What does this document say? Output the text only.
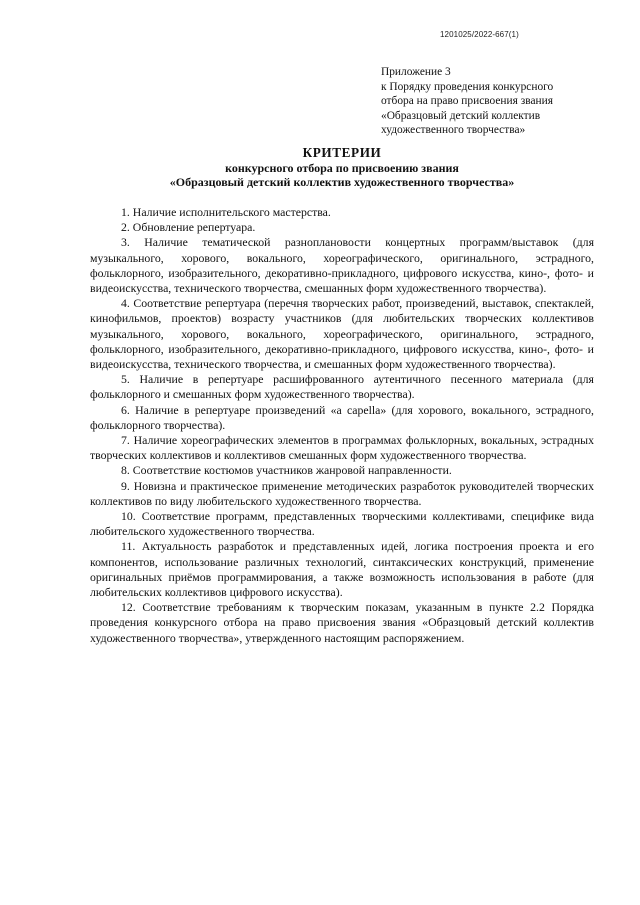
1201025/2022-667(1)
Приложение 3
к Порядку проведения конкурсного
отбора на право присвоения звания
«Образцовый детский коллектив
художественного творчества»
КРИТЕРИИ
конкурсного отбора по присвоению звания
«Образцовый детский коллектив художественного творчества»

1. Наличие исполнительского мастерства.

2. Обновление репертуара.

3. Наличие тематической разноплановости концертных программ/выставок (для музыкального, хорового, вокального, хореографического, оригинального, эстрадного, фольклорного, изобразительного, декоративно-прикладного, цифрового искусства, кино-, фото- и видеоискусства, технического творчества, смешанных форм художественного творчества).

4. Соответствие репертуара (перечня творческих работ, произведений, выставок, спектаклей, кинофильмов, проектов) возрасту участников (для любительских творческих коллективов музыкального, хорового, вокального, хореографического, оригинального, эстрадного, фольклорного, изобразительного, декоративно-прикладного, цифрового искусства, кино-, фото- и видеоискусства, технического творчества, и смешанных форм художественного творчества).

5. Наличие в репертуаре расшифрованного аутентичного песенного материала (для фольклорного и смешанных форм художественного творчества).

6. Наличие в репертуаре произведений «a capella» (для хорового, вокального, эстрадного, фольклорного творчества).

7. Наличие хореографических элементов в программах фольклорных, вокальных, эстрадных творческих коллективов и коллективов смешанных форм художественного творчества.

8. Соответствие костюмов участников жанровой направленности.

9. Новизна и практическое применение методических разработок руководителей творческих коллективов по виду любительского художественного творчества.

10. Соответствие программ, представленных творческими коллективами, специфике вида любительского художественного творчества.

11. Актуальность разработок и представленных идей, логика построения проекта и его компонентов, использование различных технологий, синтаксических конструкций, применение оригинальных приёмов программирования, а также возможность использования в работе (для любительских коллективов цифрового искусства).

12. Соответствие требованиям к творческим показам, указанным в пункте 2.2 Порядка проведения конкурсного отбора на право присвоения звания «Образцовый детский коллектив художественного творчества», утвержденного настоящим распоряжением.
